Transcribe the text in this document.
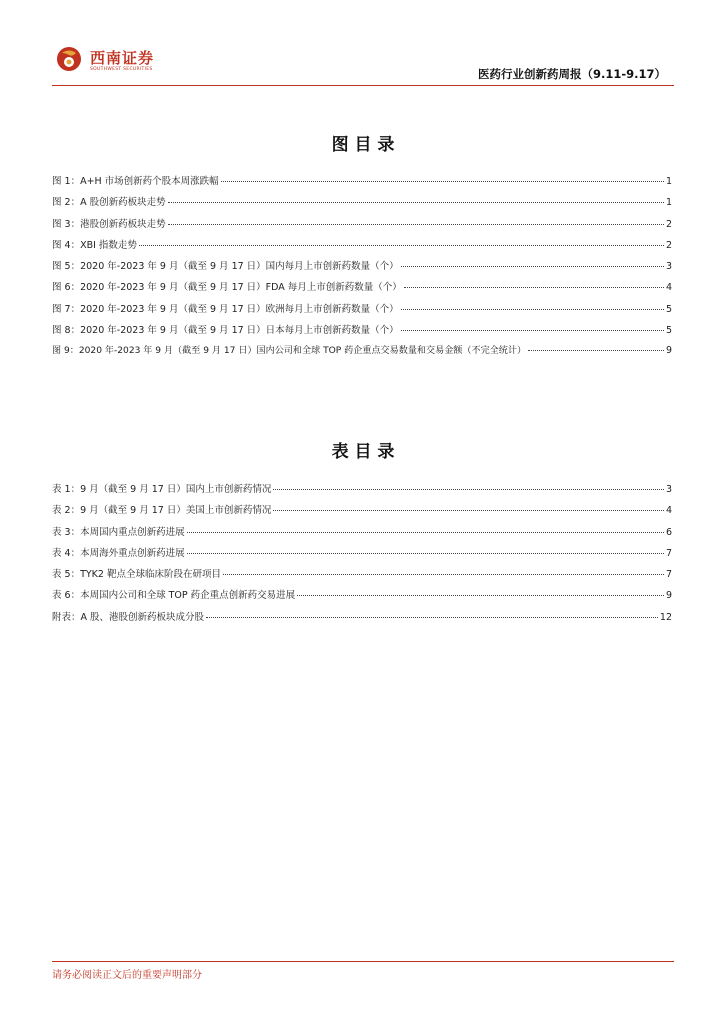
西南证券
SOUTHWEST SECURITIES	医药行业创新药周报（9.11-9.17）
图 目 录
图 1：A+H 市场创新药个股本周涨跌幅	1
图 2：A 股创新药板块走势	1
图 3：港股创新药板块走势	2
图 4：XBI 指数走势	2
图 5：2020 年-2023 年 9 月（截至 9 月 17 日）国内每月上市创新药数量（个）	3
图 6：2020 年-2023 年 9 月（截至 9 月 17 日）FDA 每月上市创新药数量（个）	4
图 7：2020 年-2023 年 9 月（截至 9 月 17 日）欧洲每月上市创新药数量（个）	5
图 8：2020 年-2023 年 9 月（截至 9 月 17 日）日本每月上市创新药数量（个）	5
图 9：2020 年-2023 年 9 月（截至 9 月 17 日）国内公司和全球 TOP 药企重点交易数量和交易金额（不完全统计）	9
表 目 录
表 1：9 月（截至 9 月 17 日）国内上市创新药情况	3
表 2：9 月（截至 9 月 17 日）美国上市创新药情况	4
表 3：本周国内重点创新药进展	6
表 4：本周海外重点创新药进展	7
表 5：TYK2 靶点全球临床阶段在研项目	7
表 6：本周国内公司和全球 TOP 药企重点创新药交易进展	9
附表：A 股、港股创新药板块成分股	12
请务必阅读正文后的重要声明部分
